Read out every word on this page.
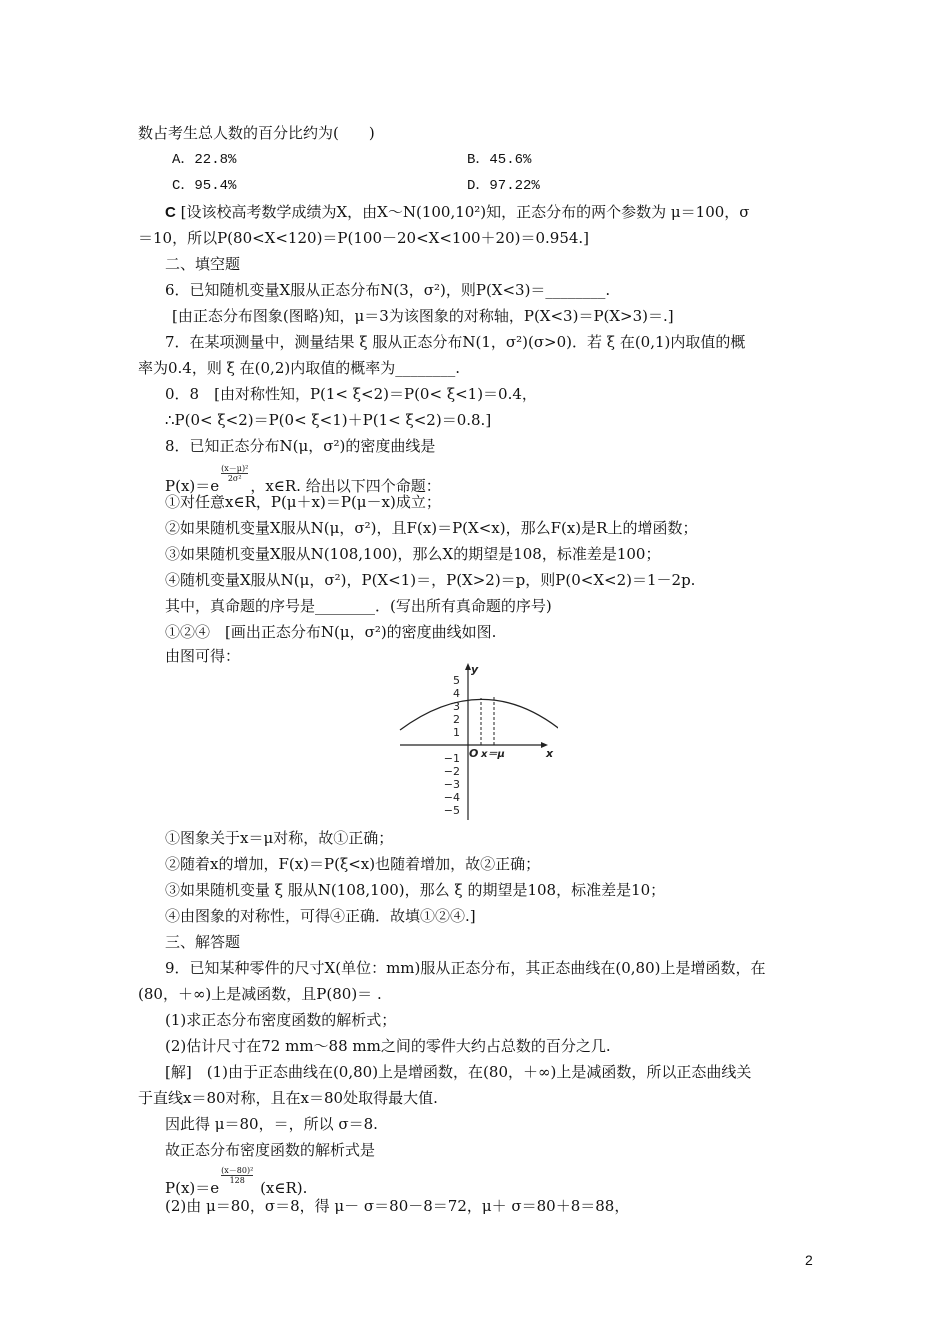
数占考生总人数的百分比约为(　　)
A．22.8%	B．45.6%
C．95.4%	D．97.22%
C [设该校高考数学成绩为X，由X～N(100,10²)知，正态分布的两个参数为 μ＝100，σ
＝10，所以P(80<X<120)＝P(100－20<X<100＋20)＝0.954.]
二、填空题
6．已知随机变量X服从正态分布N(3，σ²)，则P(X<3)＝________.
[由正态分布图象(图略)知，μ＝3为该图象的对称轴，P(X<3)＝P(X>3)＝.]
7．在某项测量中，测量结果 ξ 服从正态分布N(1，σ²)(σ>0)．若 ξ 在(0,1)内取值的概
率为0.4，则 ξ 在(0,2)内取值的概率为________.
0．8　[由对称性知，P(1< ξ<2)＝P(0< ξ<1)＝0.4，
∴P(0< ξ<2)＝P(0< ξ<1)＋P(1< ξ<2)＝0.8.]
8．已知正态分布N(μ，σ²)的密度曲线是
P(x)＝e
$\frac{\text{(x－μ)²}}{\text{2σ²}}$
，x∈R. 给出以下四个命题：
①对任意x∈R，P(μ＋x)＝P(μ－x)成立；
②如果随机变量X服从N(μ，σ²)，且F(x)＝P(X<x)，那么F(x)是R上的增函数；
③如果随机变量X服从N(108,100)，那么X的期望是108，标准差是100；
④随机变量X服从N(μ，σ²)，P(X<1)＝，P(X>2)＝p，则P(0<X<2)＝1－2p.
其中，真命题的序号是________．(写出所有真命题的序号)
①②④　[画出正态分布N(μ，σ²)的密度曲线如图.
由图可得：
5
4
3
2
1
−1
−2
−3
−4
−5
y
x
O x＝μ
①图象关于x＝μ对称，故①正确；
②随着x的增加，F(x)＝P(ξ<x)也随着增加，故②正确；
③如果随机变量 ξ 服从N(108,100)，那么 ξ 的期望是108，标准差是10；
④由图象的对称性，可得④正确．故填①②④.]
三、解答题
9．已知某种零件的尺寸X(单位：mm)服从正态分布，其正态曲线在(0,80)上是增函数，在
(80，＋∞)上是减函数，且P(80)＝ .
(1)求正态分布密度函数的解析式；
(2)估计尺寸在72 mm～88 mm之间的零件大约占总数的百分之几.
[解]　(1)由于正态曲线在(0,80)上是增函数，在(80，＋∞)上是减函数，所以正态曲线关
于直线x＝80对称，且在x＝80处取得最大值.
因此得 μ＝80，＝，所以 σ＝8.
故正态分布密度函数的解析式是
P(x)＝e
$\frac{\text{(x－80)²}}{128}$
(x∈R).
(2)由 μ＝80，σ＝8，得 μ－ σ＝80－8＝72，μ＋ σ＝80＋8＝88，
2
